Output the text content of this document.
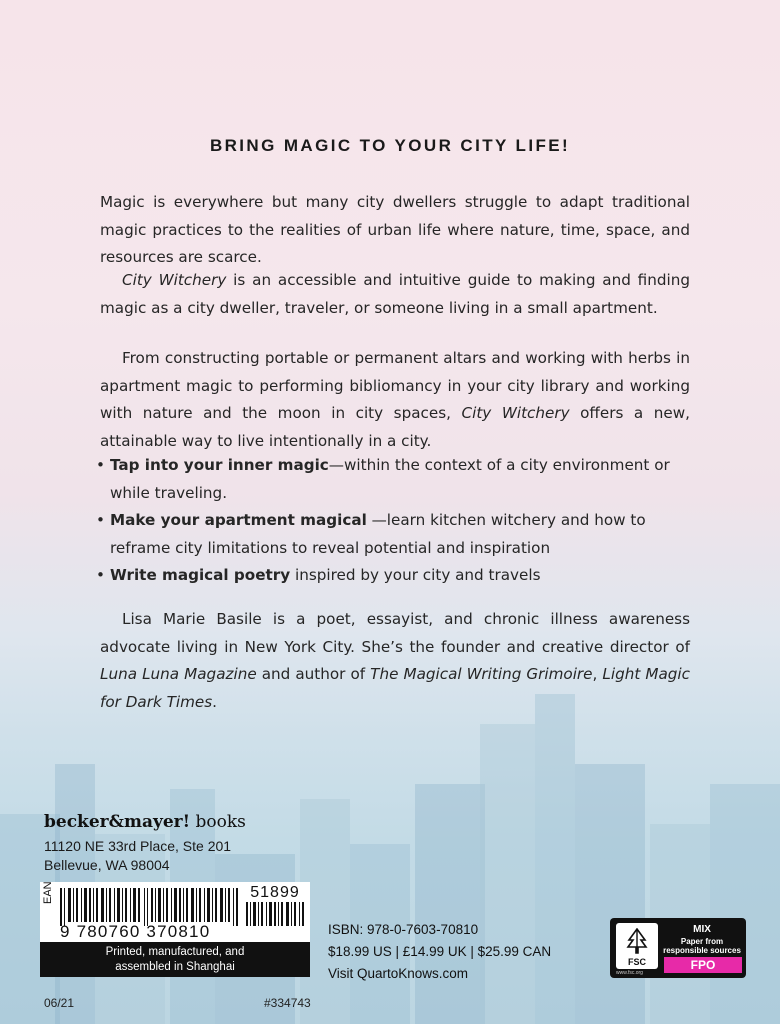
BRING MAGIC TO YOUR CITY LIFE!

Magic is everywhere but many city dwellers struggle to adapt traditional magic practices to the realities of urban life where nature, time, space, and resources are scarce.

City Witchery is an accessible and intuitive guide to making and finding magic as a city dweller, traveler, or someone living in a small apartment.

From constructing portable or permanent altars and working with herbs in apartment magic to performing bibliomancy in your city library and working with nature and the moon in city spaces, City Witchery offers a new, attainable way to live intentionally in a city.

• Tap into your inner magic—within the context of a city environment or while traveling.
• Make your apartment magical —learn kitchen witchery and how to reframe city limitations to reveal potential and inspiration
• Write magical poetry inspired by your city and travels

Lisa Marie Basile is a poet, essayist, and chronic illness awareness advocate living in New York City. She’s the founder and creative director of Luna Luna Magazine and author of The Magical Writing Grimoire, Light Magic for Dark Times.

becker&mayer! books
11120 NE 33rd Place, Ste 201
Bellevue, WA 98004
EAN	51899
9 780760 370810
Printed, manufactured, and
assembled in Shanghai
ISBN: 978-0-7603-70810
$18.99 US | £14.99 UK | $25.99 CAN
Visit QuartoKnows.com
06/21	#334743
FSC
www.fsc.org
MIX
Paper from
responsible sources
FPO
